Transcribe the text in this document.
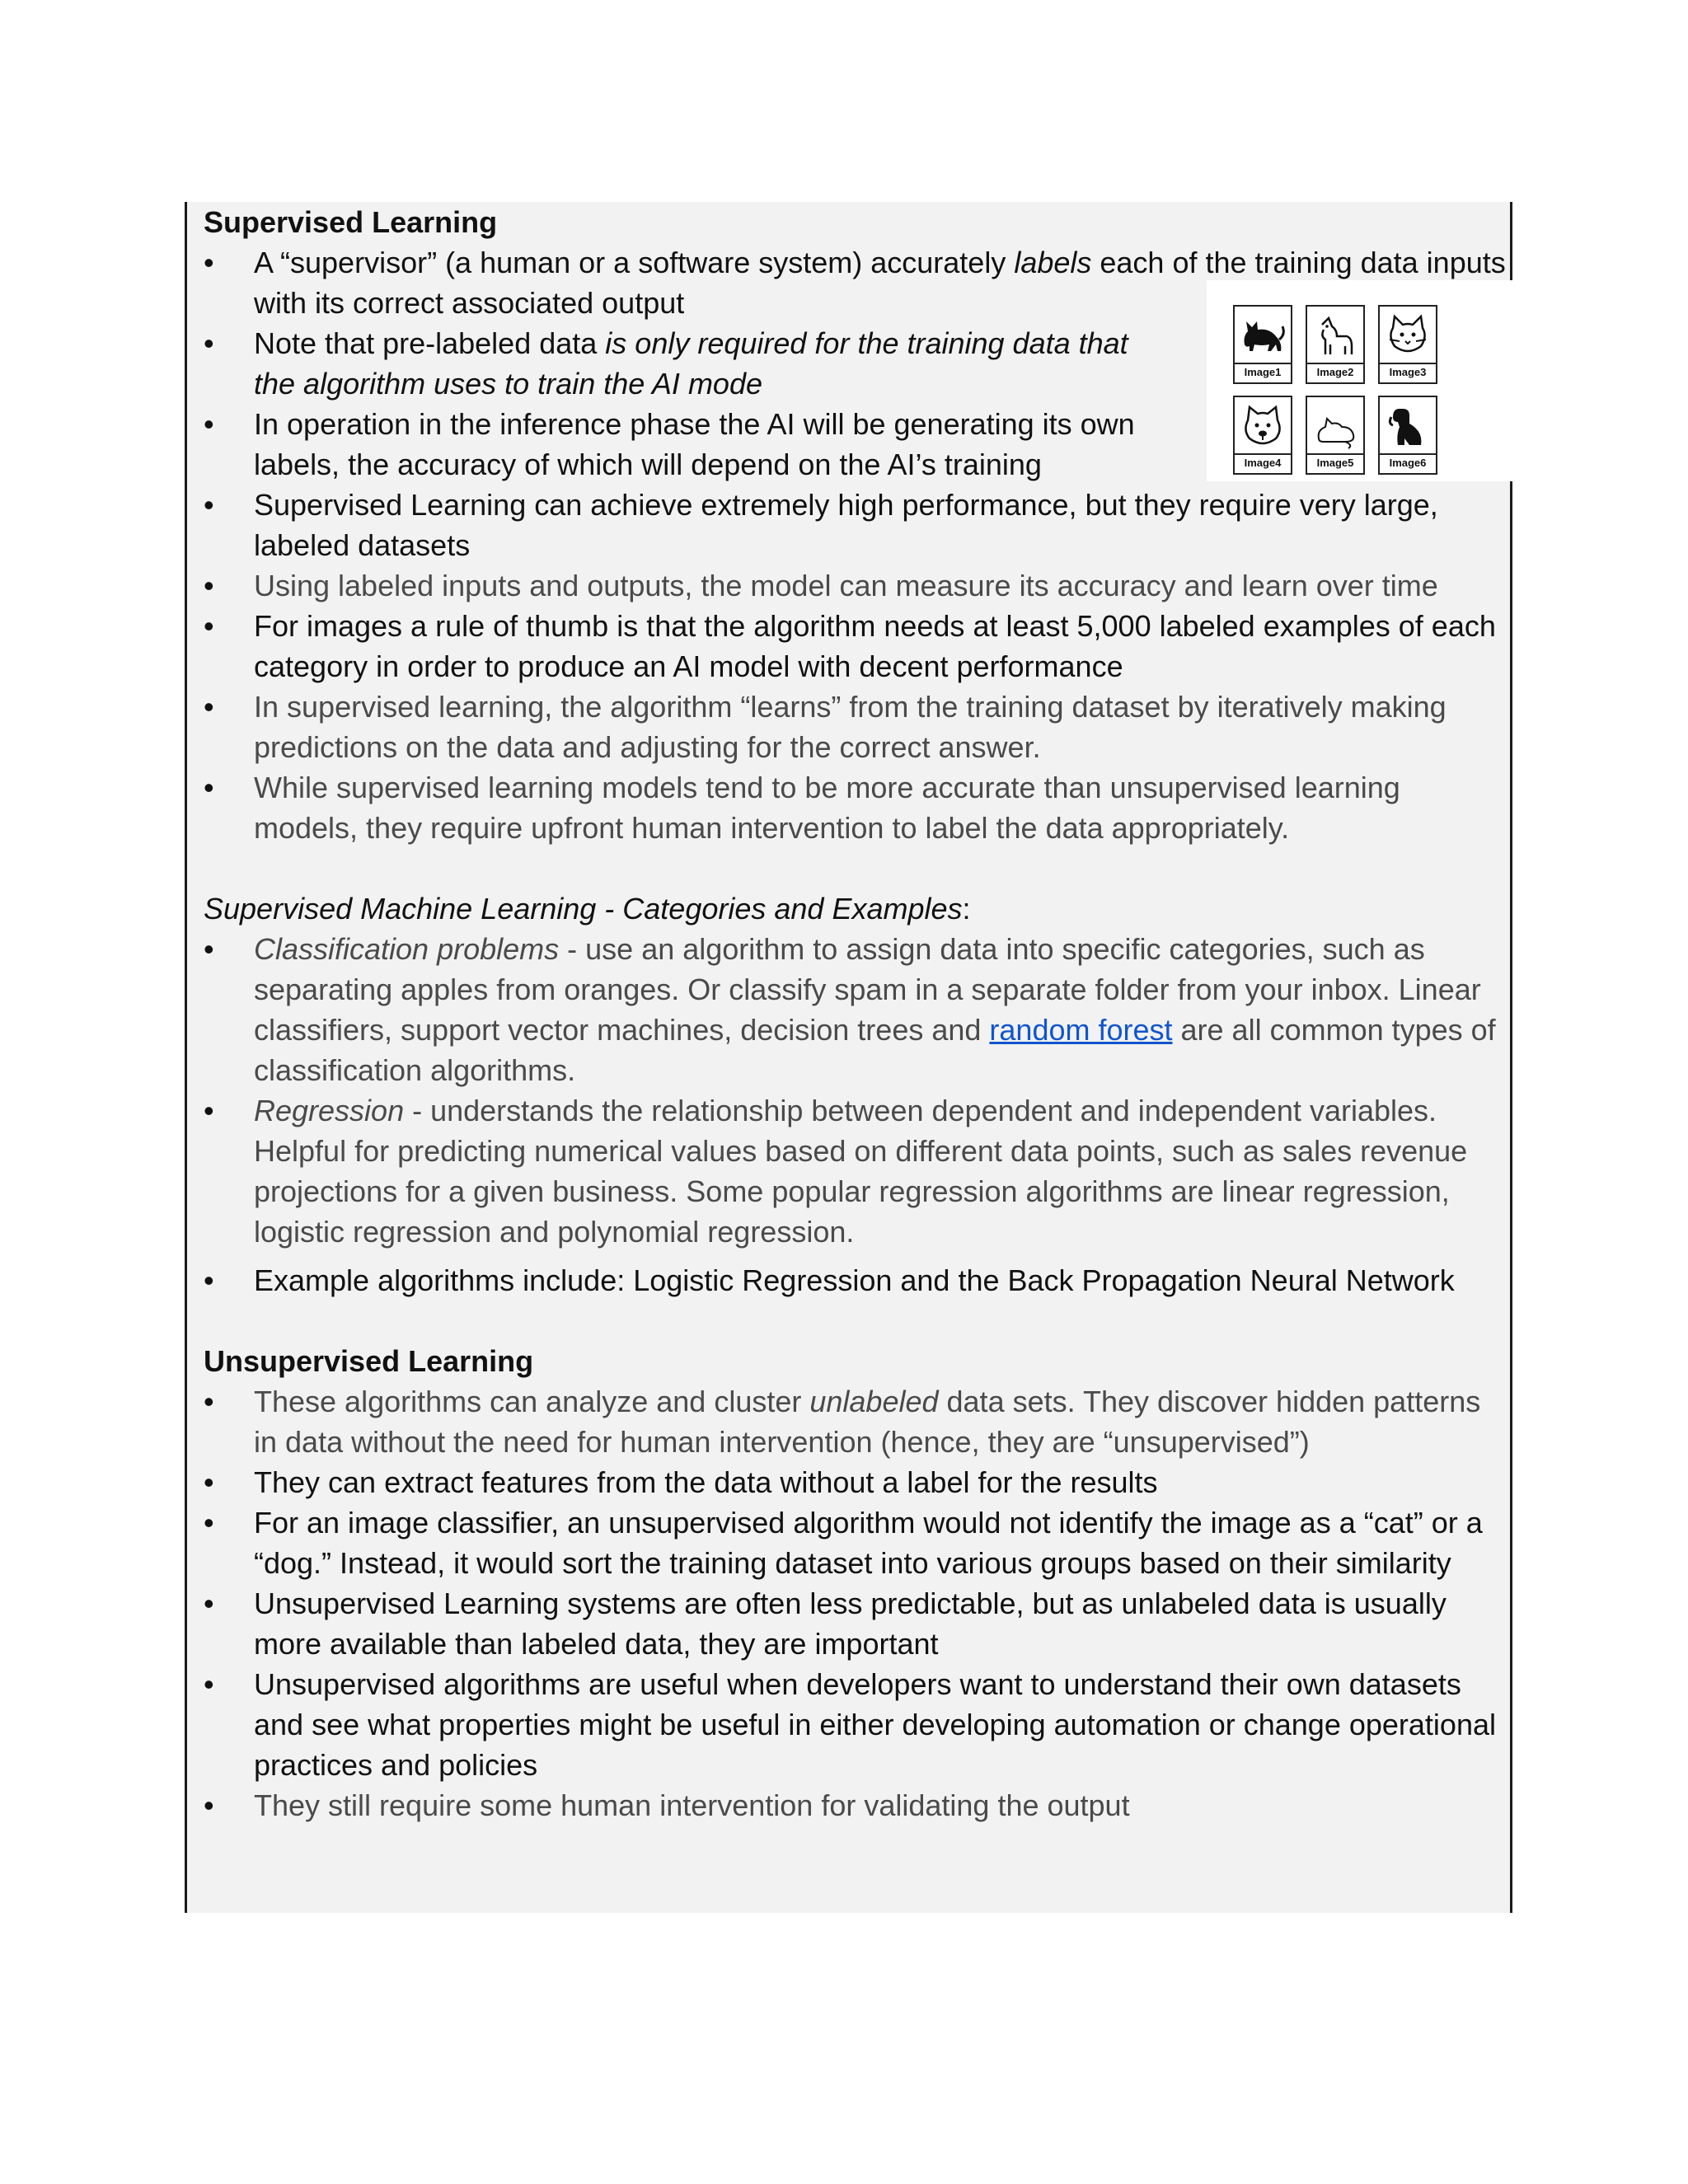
Supervised Learning
• A “supervisor” (a human or a software system) accurately labels each of the training data inputs with its correct associated output
• Note that pre-labeled data is only required for the training data that the algorithm uses to train the AI mode
• In operation in the inference phase the AI will be generating its own labels, the accuracy of which will depend on the AI’s training
• Supervised Learning can achieve extremely high performance, but they require very large, labeled datasets
• Using labeled inputs and outputs, the model can measure its accuracy and learn over time
• For images a rule of thumb is that the algorithm needs at least 5,000 labeled examples of each category in order to produce an AI model with decent performance
• In supervised learning, the algorithm “learns” from the training dataset by iteratively making predictions on the data and adjusting for the correct answer.
• While supervised learning models tend to be more accurate than unsupervised learning models, they require upfront human intervention to label the data appropriately.
Supervised Machine Learning - Categories and Examples:
• Classification problems - use an algorithm to assign data into specific categories, such as separating apples from oranges. Or classify spam in a separate folder from your inbox. Linear classifiers, support vector machines, decision trees and random forest are all common types of classification algorithms.
• Regression - understands the relationship between dependent and independent variables. Helpful for predicting numerical values based on different data points, such as sales revenue projections for a given business. Some popular regression algorithms are linear regression, logistic regression and polynomial regression.
• Example algorithms include: Logistic Regression and the Back Propagation Neural Network
Unsupervised Learning
• These algorithms can analyze and cluster unlabeled data sets. They discover hidden patterns in data without the need for human intervention (hence, they are “unsupervised”)
• They can extract features from the data without a label for the results
• For an image classifier, an unsupervised algorithm would not identify the image as a “cat” or a “dog.” Instead, it would sort the training dataset into various groups based on their similarity
• Unsupervised Learning systems are often less predictable, but as unlabeled data is usually more available than labeled data, they are important
• Unsupervised algorithms are useful when developers want to understand their own datasets and see what properties might be useful in either developing automation or change operational practices and policies
• They still require some human intervention for validating the output
Image1	Image2	Image3
Image4	Image5	Image6
